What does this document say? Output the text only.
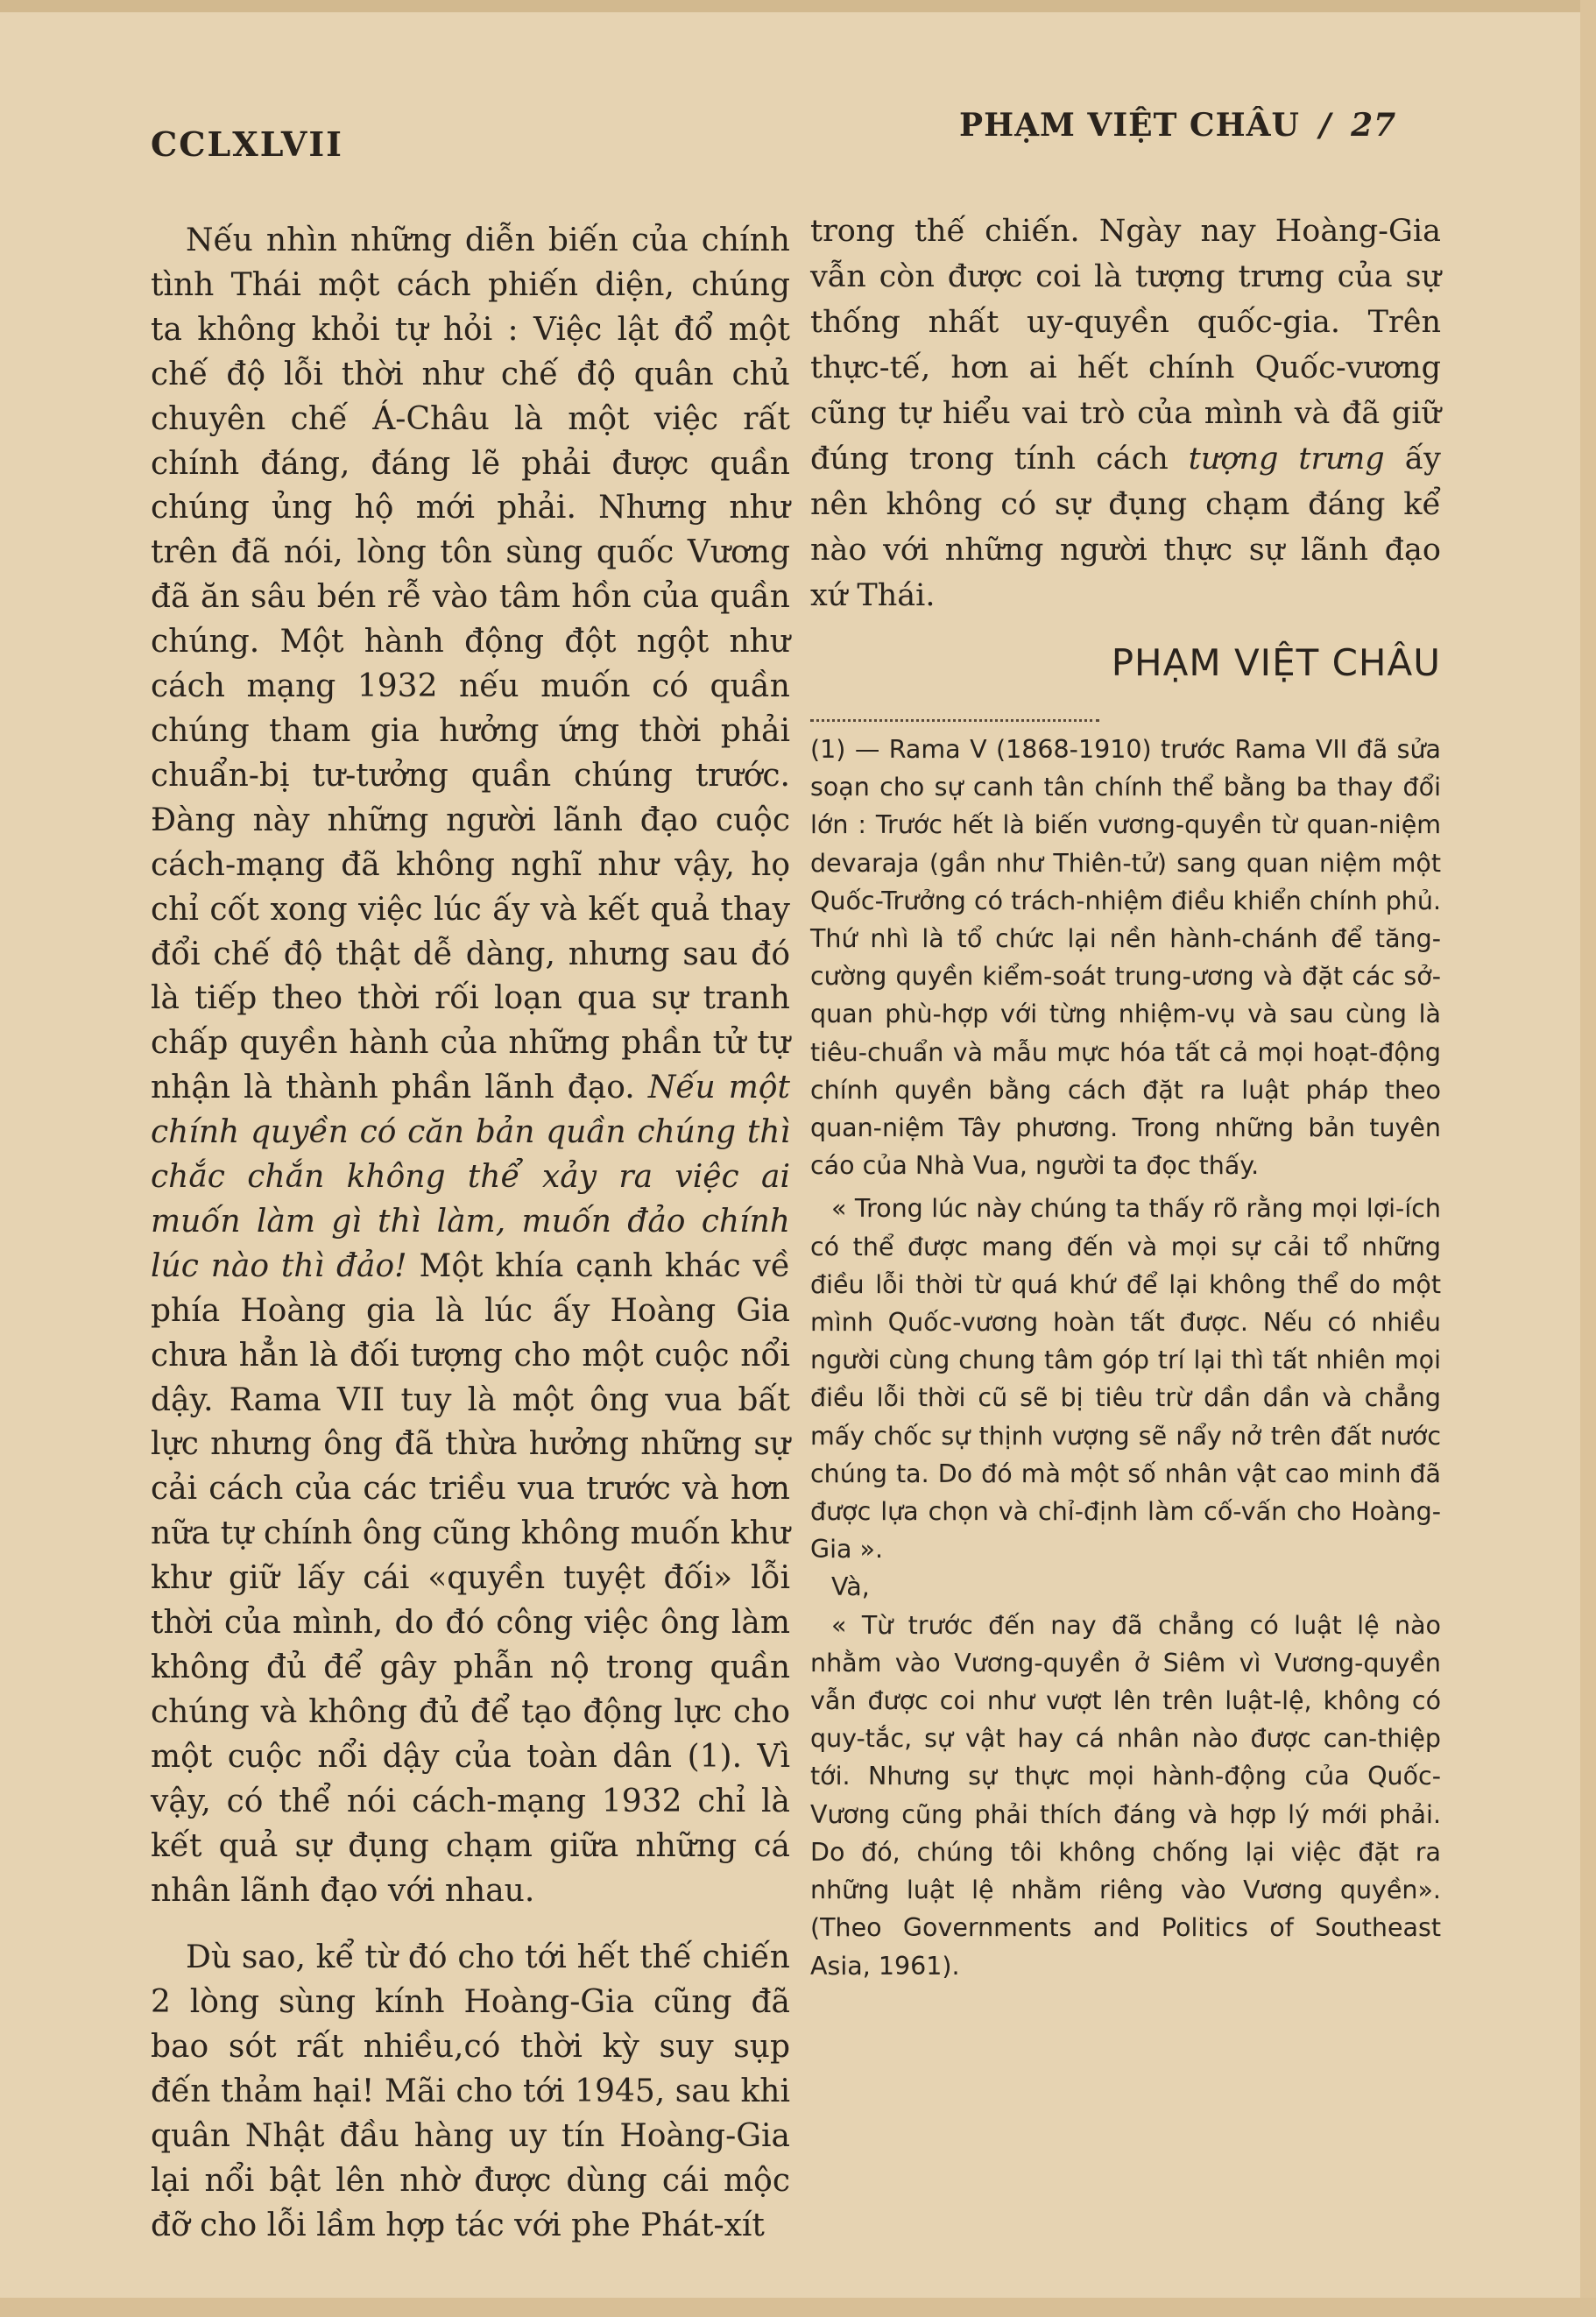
CCLXLVII	PHẠM VIỆT CHÂU / 27

Nếu nhìn những diễn biến của chính tình Thái một cách phiến diện, chúng ta không khỏi tự hỏi : Việc lật đổ một chế độ lỗi thời như chế độ quân chủ chuyên chế Á-Châu là một việc rất chính đáng, đáng lẽ phải được quần chúng ủng hộ mới phải. Nhưng như trên đã nói, lòng tôn sùng quốc Vương đã ăn sâu bén rễ vào tâm hồn của quần chúng. Một hành động đột ngột như cách mạng 1932 nếu muốn có quần chúng tham gia hưởng ứng thời phải chuẩn-bị tư-tưởng quần chúng trước. Đàng này những người lãnh đạo cuộc cách-mạng đã không nghĩ như vậy, họ chỉ cốt xong việc lúc ấy và kết quả thay đổi chế độ thật dễ dàng, nhưng sau đó là tiếp theo thời rối loạn qua sự tranh chấp quyền hành của những phần tử tự nhận là thành phần lãnh đạo. Nếu một chính quyền có căn bản quần chúng thì chắc chắn không thể xảy ra việc ai muốn làm gì thì làm, muốn đảo chính lúc nào thì đảo! Một khía cạnh khác về phía Hoàng gia là lúc ấy Hoàng Gia chưa hẳn là đối tượng cho một cuộc nổi dậy. Rama VII tuy là một ông vua bất lực nhưng ông đã thừa hưởng những sự cải cách của các triều vua trước và hơn nữa tự chính ông cũng không muốn khư khư giữ lấy cái «quyền tuyệt đối» lỗi thời của mình, do đó công việc ông làm không đủ để gây phẫn nộ trong quần chúng và không đủ để tạo động lực cho một cuộc nổi dậy của toàn dân (1). Vì vậy, có thể nói cách-mạng 1932 chỉ là kết quả sự đụng chạm giữa những cá nhân lãnh đạo với nhau.

Dù sao, kể từ đó cho tới hết thế chiến 2 lòng sùng kính Hoàng-Gia cũng đã bao sót rất nhiều,có thời kỳ suy sụp đến thảm hại! Mãi cho tới 1945, sau khi quân Nhật đầu hàng uy tín Hoàng-Gia lại nổi bật lên nhờ được dùng cái mộc đỡ cho lỗi lầm hợp tác với phe Phát-xít

trong thế chiến. Ngày nay Hoàng-Gia vẫn còn được coi là tượng trưng của sự thống nhất uy-quyền quốc-gia. Trên thực-tế, hơn ai hết chính Quốc-vương cũng tự hiểu vai trò của mình và đã giữ đúng trong tính cách tượng trưng ấy nên không có sự đụng chạm đáng kể nào với những người thực sự lãnh đạo xứ Thái.

PHẠM VIỆT CHÂU

(1) — Rama V (1868-1910) trước Rama VII đã sửa soạn cho sự canh tân chính thể bằng ba thay đổi lớn : Trước hết là biến vương-quyền từ quan-niệm devaraja (gần như Thiên-tử) sang quan niệm một Quốc-Trưởng có trách-nhiệm điều khiển chính phủ. Thứ nhì là tổ chức lại nền hành-chánh để tăng-cường quyền kiểm-soát trung-ương và đặt các sở-quan phù-hợp với từng nhiệm-vụ và sau cùng là tiêu-chuẩn và mẫu mực hóa tất cả mọi hoạt-động chính quyền bằng cách đặt ra luật pháp theo quan-niệm Tây phương. Trong những bản tuyên cáo của Nhà Vua, người ta đọc thấy.

« Trong lúc này chúng ta thấy rõ rằng mọi lợi-ích có thể được mang đến và mọi sự cải tổ những điều lỗi thời từ quá khứ để lại không thể do một mình Quốc-vương hoàn tất được. Nếu có nhiều người cùng chung tâm góp trí lại thì tất nhiên mọi điều lỗi thời cũ sẽ bị tiêu trừ dần dần và chẳng mấy chốc sự thịnh vượng sẽ nẩy nở trên đất nước chúng ta. Do đó mà một số nhân vật cao minh đã được lựa chọn và chỉ-định làm cố-vấn cho Hoàng-Gia ».

Và,

« Từ trước đến nay đã chẳng có luật lệ nào nhằm vào Vương-quyền ở Siêm vì Vương-quyền vẫn được coi như vượt lên trên luật-lệ, không có quy-tắc, sự vật hay cá nhân nào được can-thiệp tới. Nhưng sự thực mọi hành-động của Quốc-Vương cũng phải thích đáng và hợp lý mới phải. Do đó, chúng tôi không chống lại việc đặt ra những luật lệ nhằm riêng vào Vương quyền». (Theo Governments and Politics of Southeast Asia, 1961).
